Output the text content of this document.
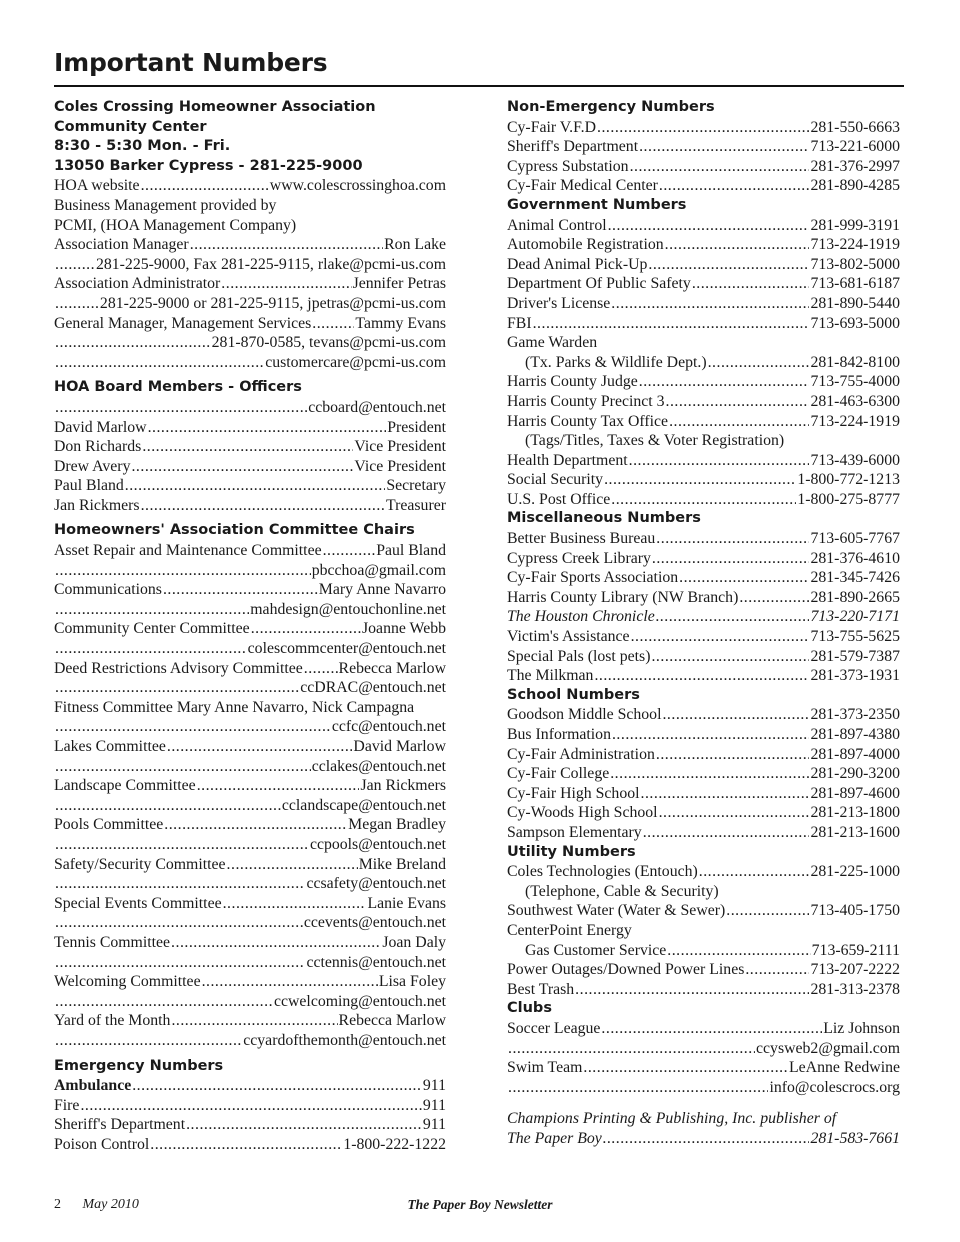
Important Numbers
Coles Crossing Homeowner Association
Community Center
8:30 - 5:30 Mon. - Fri.
13050 Barker Cypress - 281-225-9000
HOA website .....	www.colescrossinghoa.com
Business Management provided by
PCMI, (HOA Management Company)
Association Manager .....	Ron Lake
.....
281-225-9000, Fax 281-225-9115, rlake@pcmi-us.com
Association Administrator .....	Jennifer Petras
.....
281-225-9000 or 281-225-9115, jpetras@pcmi-us.com
General Manager, Management Services .....	Tammy Evans
.....
281-870-0585, tevans@pcmi-us.com
.....
customercare@pcmi-us.com
HOA Board Members - Officers
.....
ccboard@entouch.net
David Marlow .....	President
Don Richards .....	Vice President
Drew Avery .....	Vice President
Paul Bland .....	Secretary
Jan Rickmers .....	Treasurer
Homeowners' Association Committee Chairs
Asset Repair and Maintenance Committee .....	Paul Bland
.....
pbcchoa@gmail.com
Communications .....	Mary Anne Navarro
.....
mahdesign@entouchonline.net
Community Center Committee .....	Joanne Webb
.....
colescommcenter@entouch.net
Deed Restrictions Advisory Committee ..... Rebecca Marlow
.....
ccDRAC@entouch.net
Fitness Committee Mary Anne Navarro, Nick Campagna
.....
ccfc@entouch.net
Lakes Committee .....	David Marlow
.....
cclakes@entouch.net
Landscape Committee .....	Jan Rickmers
.....
cclandscape@entouch.net
Pools Committee .....	Megan Bradley
.....
ccpools@entouch.net
Safety/Security Committee .....	Mike Breland
.....
ccsafety@entouch.net
Special Events Committee .....	Lanie Evans
.....
ccevents@entouch.net
Tennis Committee .....	Joan Daly
.....
cctennis@entouch.net
Welcoming Committee .....	Lisa Foley
.....
ccwelcoming@entouch.net
Yard of the Month .....	Rebecca Marlow
.....
ccyardofthemonth@entouch.net
Emergency Numbers
Ambulance .....	911
Fire .....	911
Sheriff's Department .....	911
Poison Control .....	1-800-222-1222
Non-Emergency Numbers
Cy-Fair V.F.D .....	281-550-6663
Sheriff's Department .....	713-221-6000
Cypress Substation .....	281-376-2997
Cy-Fair Medical Center .....	281-890-4285
Government Numbers
Animal Control .....	281-999-3191
Automobile Registration .....	713-224-1919
Dead Animal Pick-Up .....	713-802-5000
Department Of Public Safety .....	713-681-6187
Driver's License .....	281-890-5440
FBI .....	713-693-5000
Game Warden
(Tx. Parks & Wildlife Dept.) .....	281-842-8100
Harris County Judge .....	713-755-4000
Harris County Precinct 3 .....	281-463-6300
Harris County Tax Office .....	713-224-1919
(Tags/Titles, Taxes & Voter Registration)
Health Department .....	713-439-6000
Social Security .....	1-800-772-1213
U.S. Post Office .....	1-800-275-8777
Miscellaneous Numbers
Better Business Bureau .....	713-605-7767
Cypress Creek Library .....	281-376-4610
Cy-Fair Sports Association .....	281-345-7426
Harris County Library (NW Branch) .....	281-890-2665
The Houston Chronicle .....	713-220-7171
Victim's Assistance .....	713-755-5625
Special Pals (lost pets) .....	281-579-7387
The Milkman .....	281-373-1931
School Numbers
Goodson Middle School .....	281-373-2350
Bus Information .....	281-897-4380
Cy-Fair Administration .....	281-897-4000
Cy-Fair College .....	281-290-3200
Cy-Fair High School .....	281-897-4600
Cy-Woods High School .....	281-213-1800
Sampson Elementary .....	281-213-1600
Utility Numbers
Coles Technologies (Entouch) .....	281-225-1000
(Telephone, Cable & Security)
Southwest Water (Water & Sewer) .....	713-405-1750
CenterPoint Energy
Gas Customer Service .....	713-659-2111
Power Outages/Downed Power Lines .....	713-207-2222
Best Trash .....	281-313-2378
Clubs
Soccer League .....	Liz Johnson
.....
ccysweb2@gmail.com
Swim Team .....	LeAnne Redwine
.....
info@colescrocs.org
Champions Printing & Publishing, Inc. publisher of
The Paper Boy .....	281-583-7661
2 May 2010	The Paper Boy Newsletter
